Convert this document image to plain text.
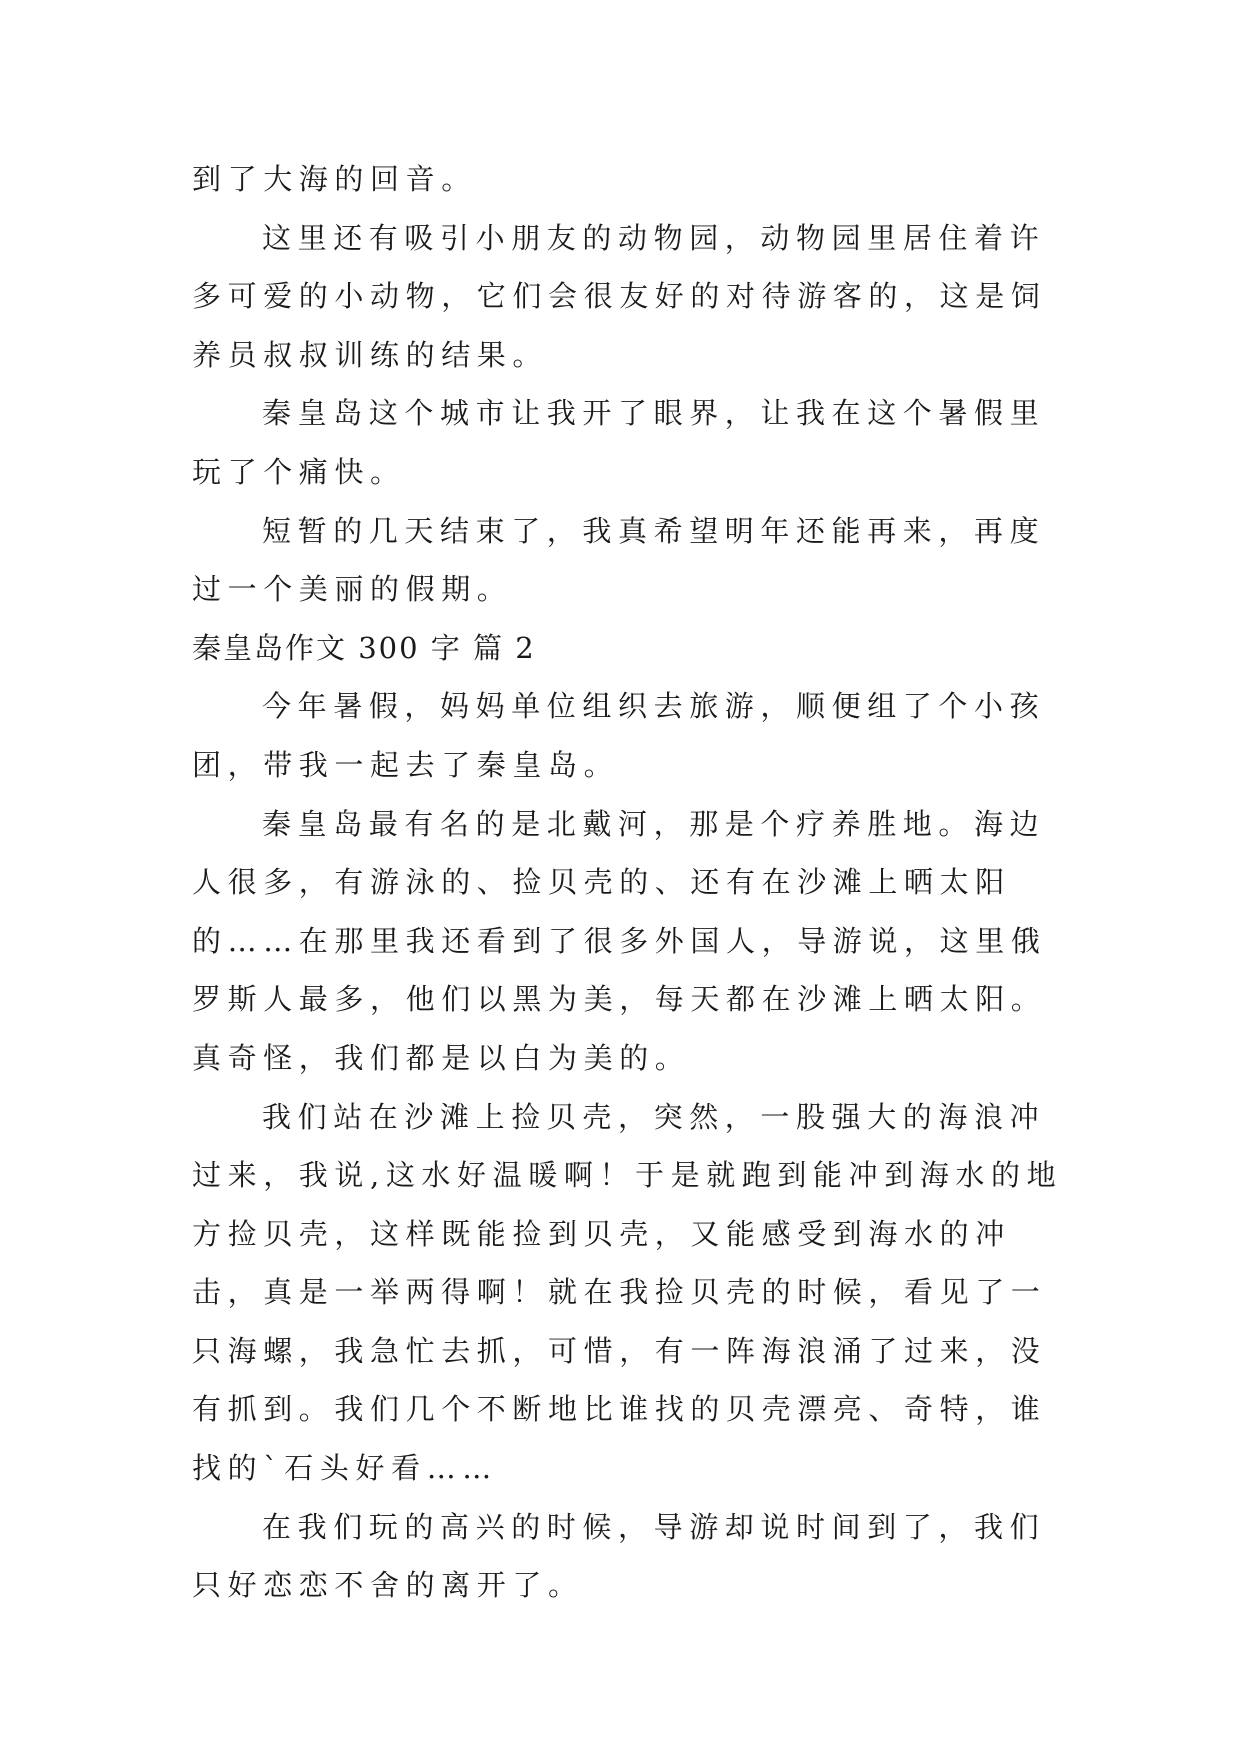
到了大海的回音。

这里还有吸引小朋友的动物园，动物园里居住着许多可爱的小动物，它们会很友好的对待游客的，这是饲养员叔叔训练的结果。

秦皇岛这个城市让我开了眼界，让我在这个暑假里玩了个痛快。

短暂的几天结束了，我真希望明年还能再来，再度过一个美丽的假期。

秦皇岛作文 300 字 篇 2

今年暑假，妈妈单位组织去旅游，顺便组了个小孩团，带我一起去了秦皇岛。

秦皇岛最有名的是北戴河，那是个疗养胜地。海边人很多，有游泳的、捡贝壳的、还有在沙滩上晒太阳的……在那里我还看到了很多外国人，导游说，这里俄罗斯人最多，他们以黑为美，每天都在沙滩上晒太阳。真奇怪，我们都是以白为美的。

我们站在沙滩上捡贝壳，突然，一股强大的海浪冲过来，我说,这水好温暖啊！于是就跑到能冲到海水的地方捡贝壳，这样既能捡到贝壳，又能感受到海水的冲击，真是一举两得啊！就在我捡贝壳的时候，看见了一只海螺，我急忙去抓，可惜，有一阵海浪涌了过来，没有抓到。我们几个不断地比谁找的贝壳漂亮、奇特，谁找的`石头好看……

在我们玩的高兴的时候，导游却说时间到了，我们只好恋恋不舍的离开了。
